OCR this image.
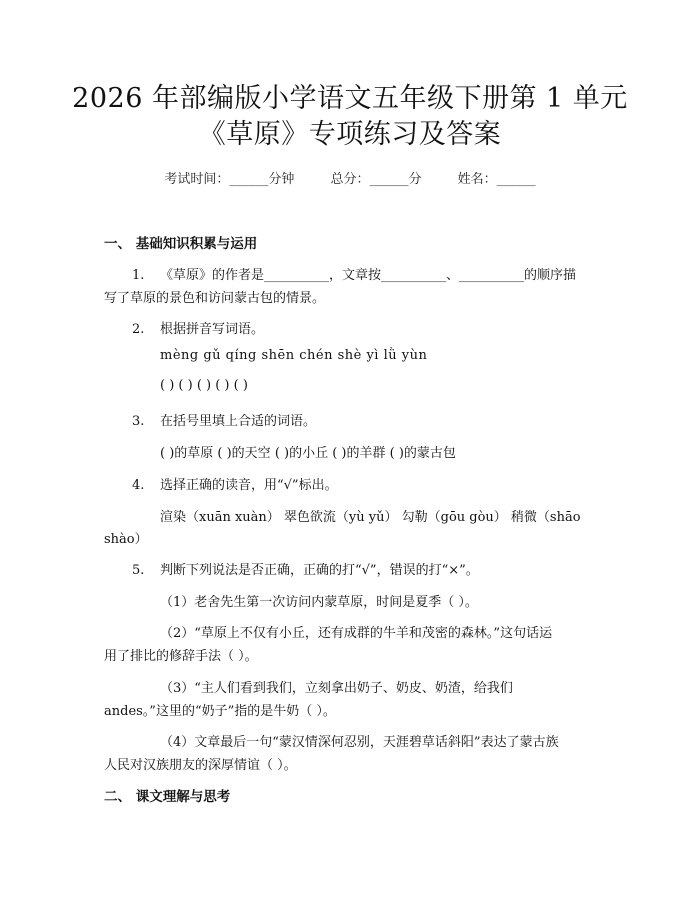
2026 年部编版小学语文五年级下册第 1 单元
《草原》专项练习及答案
考试时间：______分钟	总分：______分	姓名：______
一、 基础知识积累与运用
1. 《草原》的作者是__________，文章按__________、__________的顺序描
写了草原的景色和访问蒙古包的情景。
2. 根据拼音写词语。
mèng gǔ qíng shēn chén shè yì lǜ yùn
( ) ( ) ( ) ( ) ( )
3. 在括号里填上合适的词语。
( )的草原 ( )的天空 ( )的小丘 ( )的羊群 ( )的蒙古包
4. 选择正确的读音，用“√”标出。
渲染（xuān xuàn） 翠色欲流（yù yǔ） 勾勒（gōu gòu） 稍微（shāo
shào）
5. 判断下列说法是否正确，正确的打“√”，错误的打“×”。
（1）老舍先生第一次访问内蒙草原，时间是夏季（ ）。
（2）“草原上不仅有小丘，还有成群的牛羊和茂密的森林。”这句话运
用了排比的修辞手法（ ）。
（3）“主人们看到我们，立刻拿出奶子、奶皮、奶渣，给我们
andes。”这里的“奶子”指的是牛奶（ ）。
（4）文章最后一句“蒙汉情深何忍别，天涯碧草话斜阳”表达了蒙古族
人民对汉族朋友的深厚情谊（ ）。
二、 课文理解与思考
